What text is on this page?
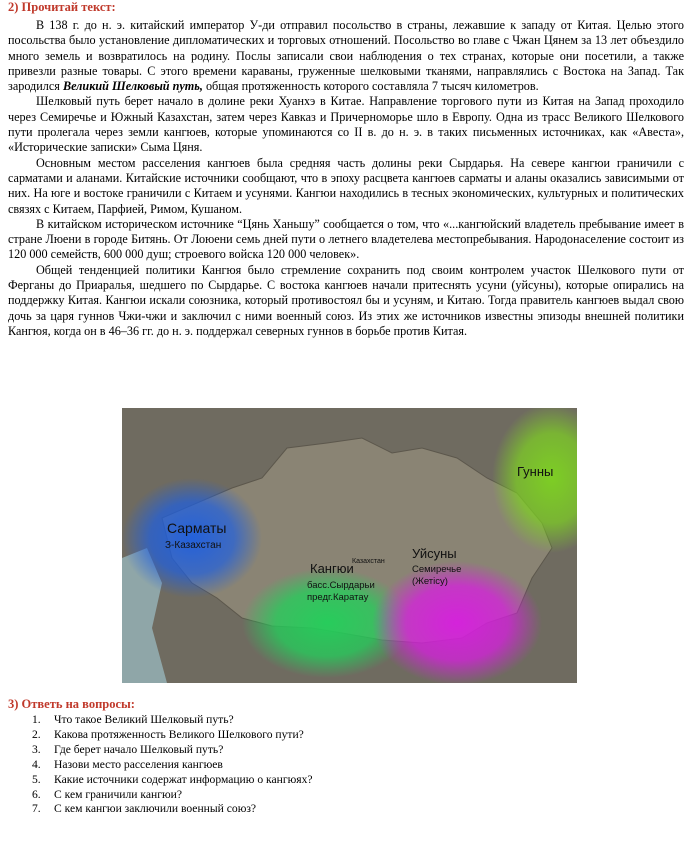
2) Прочитай текст:

В 138 г. до н. э. китайский император У-ди отправил посольство в страны, лежавшие к западу от Китая. Целью этого посольства было установление дипломатических и торговых отношений. Посольство во главе с Чжан Цянем за 13 лет объездило много земель и возвратилось на родину. Послы записали свои наблюдения о тех странах, которые они посетили, а также привезли разные товары. С этого времени караваны, груженные шелковыми тканями, направлялись с Востока на Запад. Так зародился Великий Шелковый путь, общая протяженность которого составляла 7 тысяч километров.

Шелковый путь берет начало в долине реки Хуанхэ в Китае. Направление торгового пути из Китая на Запад проходило через Семиречье и Южный Казахстан, затем через Кавказ и Причерноморье шло в Европу. Одна из трасс Великого Шелкового пути пролегала через земли кангюев, которые упоминаются со II в. до н. э. в таких письменных источниках, как «Авеста», «Исторические записки» Сыма Цяня.

Основным местом расселения кангюев была средняя часть долины реки Сырдарья. На севере кангюи граничили с сарматами и аланами. Китайские источники сообщают, что в эпоху расцвета кангюев сарматы и аланы оказались зависимыми от них. На юге и востоке граничили с Китаем и усунями. Кангюи находились в тесных экономических, культурных и политических связях с Китаем, Парфией, Римом, Кушаном.

В китайском историческом источнике “Цянь Ханьшу” сообщается о том, что «...кангюйский владетель пребывание имеет в стране Люени в городе Битянь. От Лоюени семь дней пути о летнего владетелева местопребывания. Народонаселение состоит из 120 000 семейств, 600 000 душ; строевого войска 120 000 человек».

Общей тенденцией политики Кангюя было стремление сохранить под своим контролем участок Шелкового пути от Ферганы до Приаралья, шедшего по Сырдарье. С востока кангюев начали притеснять усуни (уйсуны), которые опирались на поддержку Китая. Кангюи искали союзника, который противостоял бы и усуням, и Китаю. Тогда правитель кангюев выдал свою дочь за царя гуннов Чжи-чжи и заключил с ними военный союз. Из этих же источников известны эпизоды внешней политики Кангюя, когда он в 46–36 гг. до н. э. поддержал северных гуннов в борьбе против Китая.

Сарматы
З-Казахстан
Казахстан
Кангюи
басс.Сырдарьи
предг.Каратау
Уйсуны
Семиречье
(Жетісу)
Гунны
3) Ответь на вопросы:
1.	Что такое Великий Шелковый путь?
2.	Какова протяженность Великого Шелкового пути?
3.	Где берет начало Шелковый путь?
4.	Назови место расселения кангюев
5.	Какие источники содержат информацию о кангюях?
6.	С кем граничили кангюи?
7.	С кем кангюи заключили военный союз?
